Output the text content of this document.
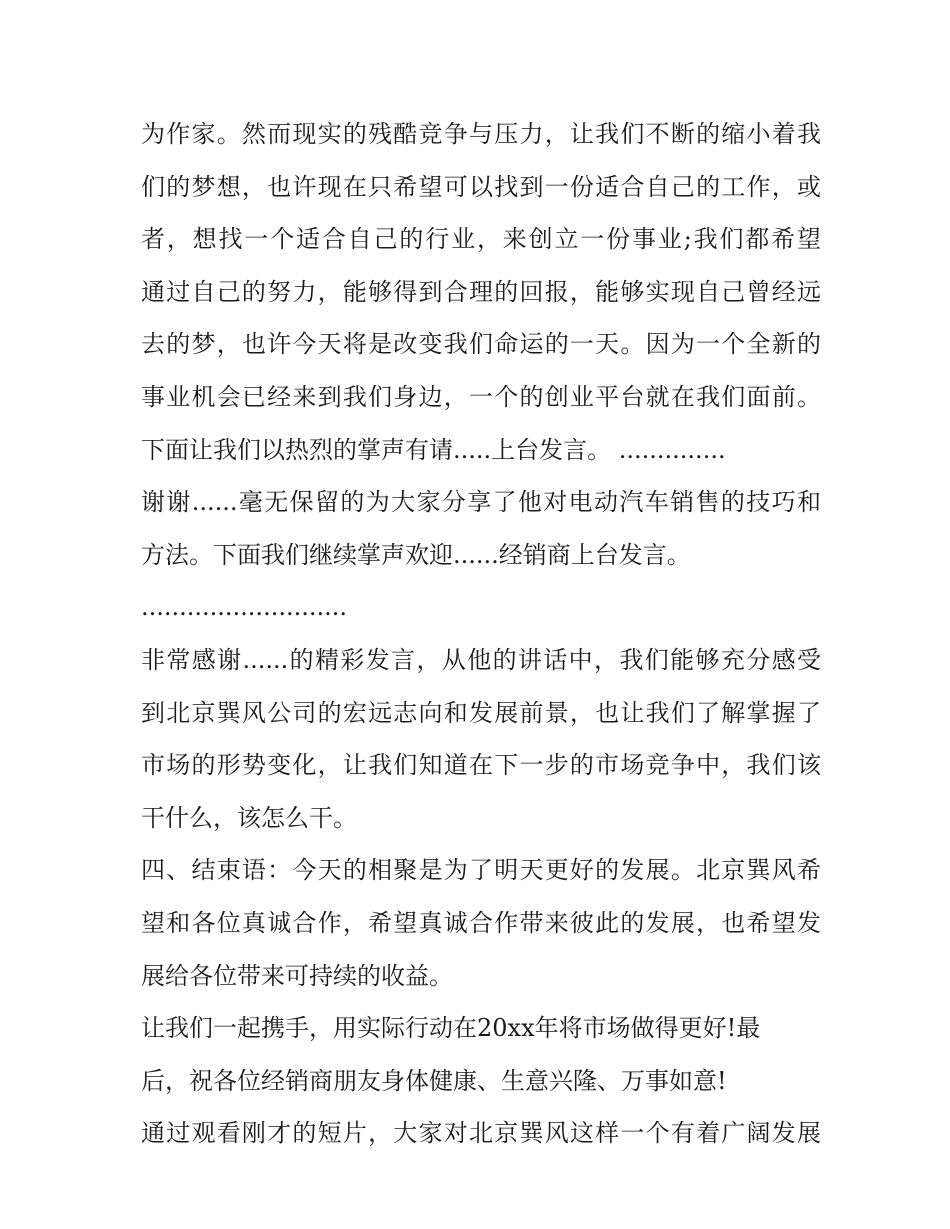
为作家。然而现实的残酷竞争与压力，让我们不断的缩小着我
们的梦想，也许现在只希望可以找到一份适合自己的工作，或
者，想找一个适合自己的行业，来创立一份事业;我们都希望
通过自己的努力，能够得到合理的回报，能够实现自己曾经远
去的梦，也许今天将是改变我们命运的一天。因为一个全新的
事业机会已经来到我们身边，一个的创业平台就在我们面前。
下面让我们以热烈的掌声有请.....上台发言。 ..............
谢谢......毫无保留的为大家分享了他对电动汽车销售的技巧和
方法。下面我们继续掌声欢迎......经销商上台发言。
...........................
非常感谢......的精彩发言，从他的讲话中，我们能够充分感受
到北京巽风公司的宏远志向和发展前景，也让我们了解掌握了
市场的形势变化，让我们知道在下一步的市场竞争中，我们该
干什么，该怎么干。
四、结束语：今天的相聚是为了明天更好的发展。北京巽风希
望和各位真诚合作，希望真诚合作带来彼此的发展，也希望发
展给各位带来可持续的收益。
让我们一起携手，用实际行动在20xx年将市场做得更好!最
后，祝各位经销商朋友身体健康、生意兴隆、万事如意!
通过观看刚才的短片，大家对北京巽风这样一个有着广阔发展
